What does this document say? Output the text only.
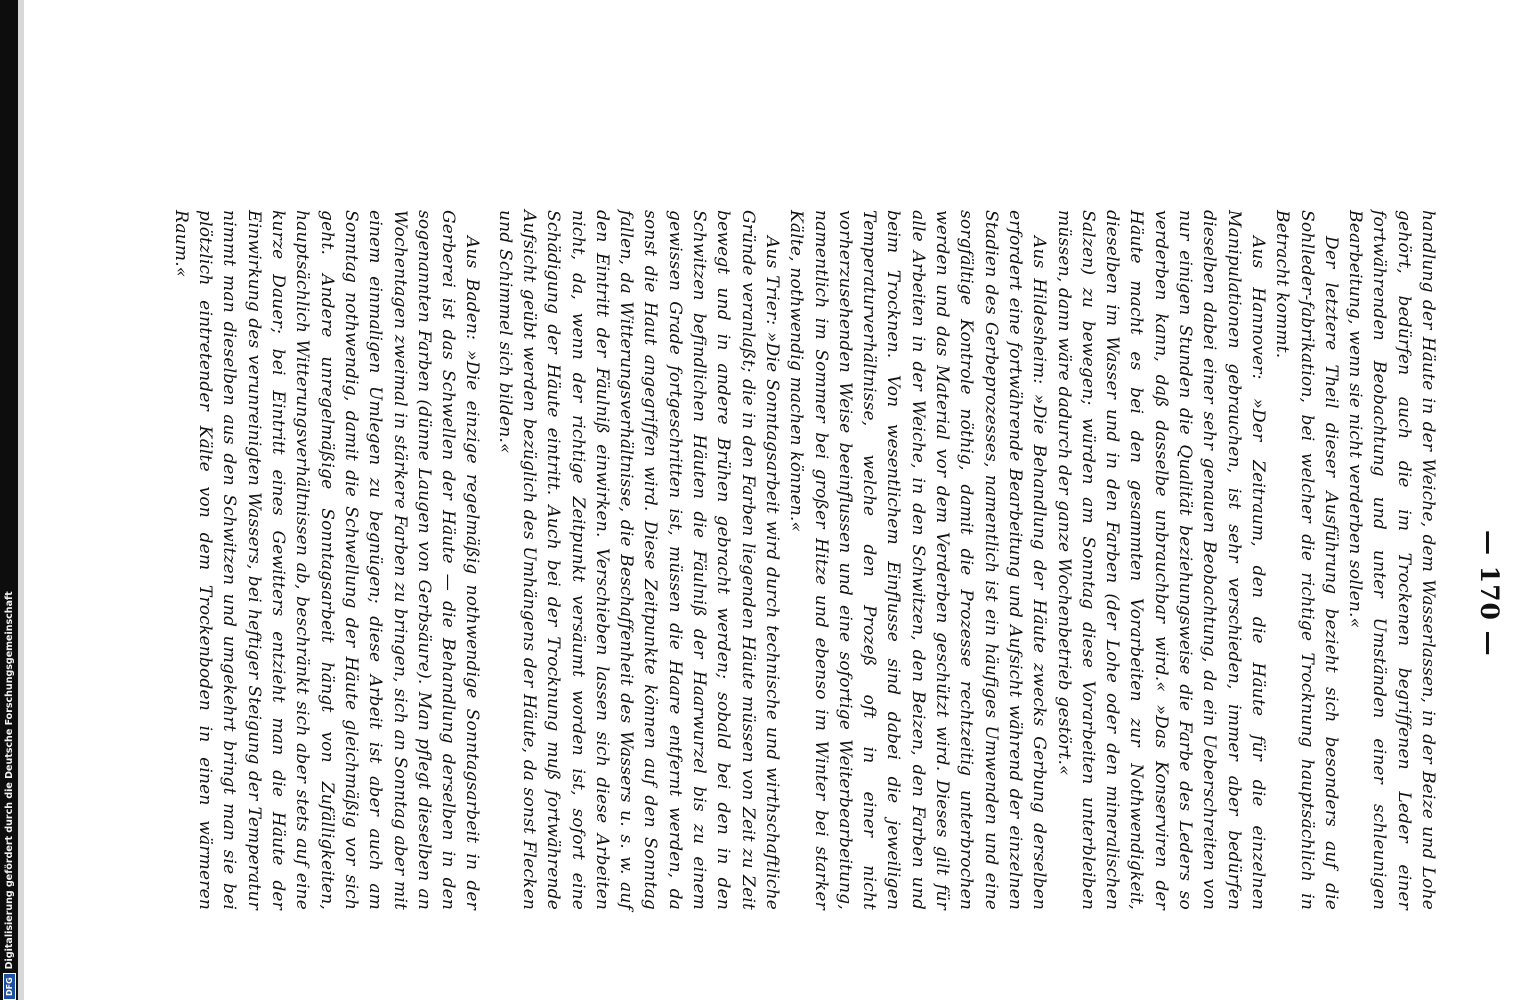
DFG
Digitalisierung gefördert durch die Deutsche Forschungsgemeinschaft	— 170 —

handlung der Häute in der Weiche, dem Wasserlassen, in der Beize und Lohe gehört, bedürfen auch die im Trockenen begriffenen Leder einer fortwährenden Beobachtung und unter Umständen einer schleunigen Bearbeitung, wenn sie nicht verderben sollen.«

Der letztere Theil dieser Ausführung bezieht sich besonders auf die Sohlleder-fabrikation, bei welcher die richtige Trocknung hauptsächlich in Betracht kommt.

Aus Hannover: »Der Zeitraum, den die Häute für die einzelnen Manipulationen gebrauchen, ist sehr verschieden, immer aber bedürfen dieselben dabei einer sehr genauen Beobachtung, da ein Ueberschreiten von nur einigen Stunden die Qualität beziehungsweise die Farbe des Leders so verderben kann, daß dasselbe unbrauchbar wird.« »Das Konserviren der Häute macht es bei den gesammten Vorarbeiten zur Nothwendigkeit, dieselben im Wasser und in den Farben (der Lohe oder den mineralischen Salzen) zu bewegen; würden am Sonntag diese Vorarbeiten unterbleiben müssen, dann wäre dadurch der ganze Wochenbetrieb gestört.«

Aus Hildesheim: »Die Behandlung der Häute zwecks Gerbung derselben erfordert eine fortwährende Bearbeitung und Aufsicht während der einzelnen Stadien des Gerbeprozesses, namentlich ist ein häufiges Umwenden und eine sorgfältige Kontrole nöthig, damit die Prozesse rechtzeitig unterbrochen werden und das Material vor dem Verderben geschützt wird. Dieses gilt für alle Arbeiten in der Weiche, in den Schwitzen, den Beizen, den Farben und beim Trocknen. Von wesentlichem Einflusse sind dabei die jeweiligen Temperaturverhältnisse, welche den Prozeß oft in einer nicht vorherzusehenden Weise beeinflussen und eine sofortige Weiterbearbeitung, namentlich im Sommer bei großer Hitze und ebenso im Winter bei starker Kälte, nothwendig machen können.«

Aus Trier: »Die Sonntagsarbeit wird durch technische und wirthschaftliche Gründe veranlaßt; die in den Farben liegenden Häute müssen von Zeit zu Zeit bewegt und in andere Brühen gebracht werden; sobald bei den in den Schwitzen befindlichen Häuten die Fäulniß der Haarwurzel bis zu einem gewissen Grade fortgeschritten ist, müssen die Haare entfernt werden, da sonst die Haut angegriffen wird. Diese Zeitpunkte können auf den Sonntag fallen, da Witterungsverhältnisse, die Beschaffenheit des Wassers u. s. w. auf den Eintritt der Fäulniß einwirken. Verschieben lassen sich diese Arbeiten nicht, da, wenn der richtige Zeitpunkt versäumt worden ist, sofort eine Schädigung der Häute eintritt. Auch bei der Trocknung muß fortwährende Aufsicht geübt werden bezüglich des Umhängens der Häute, da sonst Flecken und Schimmel sich bilden.«

Aus Baden: »Die einzige regelmäßig nothwendige Sonntagsarbeit in der Gerberei ist das Schwellen der Häute — die Behandlung derselben in den sogenannten Farben (dünne Laugen von Gerbsäure). Man pflegt dieselben an Wochentagen zweimal in stärkere Farben zu bringen, sich an Sonntag aber mit einem einmaligen Umlegen zu begnügen; diese Arbeit ist aber auch am Sonntag nothwendig, damit die Schwellung der Häute gleichmäßig vor sich geht. Andere unregelmäßige Sonntagsarbeit hängt von Zufälligkeiten, hauptsächlich Witterungsverhältnissen ab, beschränkt sich aber stets auf eine kurze Dauer; bei Eintritt eines Gewitters entzieht man die Häute der Einwirkung des verunreinigten Wassers, bei heftiger Steigung der Temperatur nimmt man dieselben aus den Schwitzen und umgekehrt bringt man sie bei plötzlich eintretender Kälte von dem Trockenboden in einen wärmeren Raum.«
